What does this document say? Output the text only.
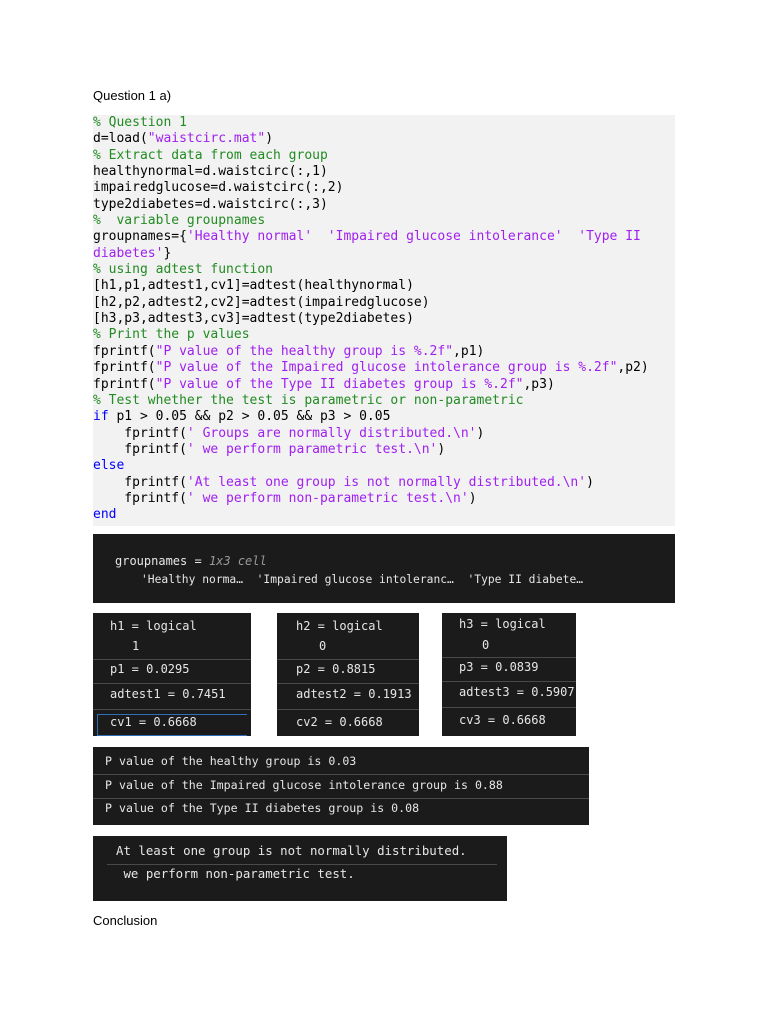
Question 1 a)
% Question 1
d=load("waistcirc.mat")
% Extract data from each group
healthynormal=d.waistcirc(:,1)
impairedglucose=d.waistcirc(:,2)
type2diabetes=d.waistcirc(:,3)
%  variable groupnames
groupnames={'Healthy normal'  'Impaired glucose intolerance'  'Type II
diabetes'}
% using adtest function
[h1,p1,adtest1,cv1]=adtest(healthynormal)
[h2,p2,adtest2,cv2]=adtest(impairedglucose)
[h3,p3,adtest3,cv3]=adtest(type2diabetes)
% Print the p values
fprintf("P value of the healthy group is %.2f",p1)
fprintf("P value of the Impaired glucose intolerance group is %.2f",p2)
fprintf("P value of the Type II diabetes group is %.2f",p3)
% Test whether the test is parametric or non-parametric
if p1 > 0.05 && p2 > 0.05 && p3 > 0.05
fprintf(' Groups are normally distributed.\n')
fprintf(' we perform parametric test.\n')
else
fprintf('At least one group is not normally distributed.\n')
fprintf(' we perform non-parametric test.\n')
end
groupnames = 1x3 cell
'Healthy norma…  'Impaired glucose intoleranc…  'Type II diabete…
h1 = logical
1
p1 = 0.0295
adtest1 = 0.7451
cv1 = 0.6668
h2 = logical
0
p2 = 0.8815
adtest2 = 0.1913
cv2 = 0.6668
h3 = logical
0
p3 = 0.0839
adtest3 = 0.5907
cv3 = 0.6668
P value of the healthy group is 0.03
P value of the Impaired glucose intolerance group is 0.88
P value of the Type II diabetes group is 0.08
At least one group is not normally distributed.
we perform non-parametric test.
Conclusion
